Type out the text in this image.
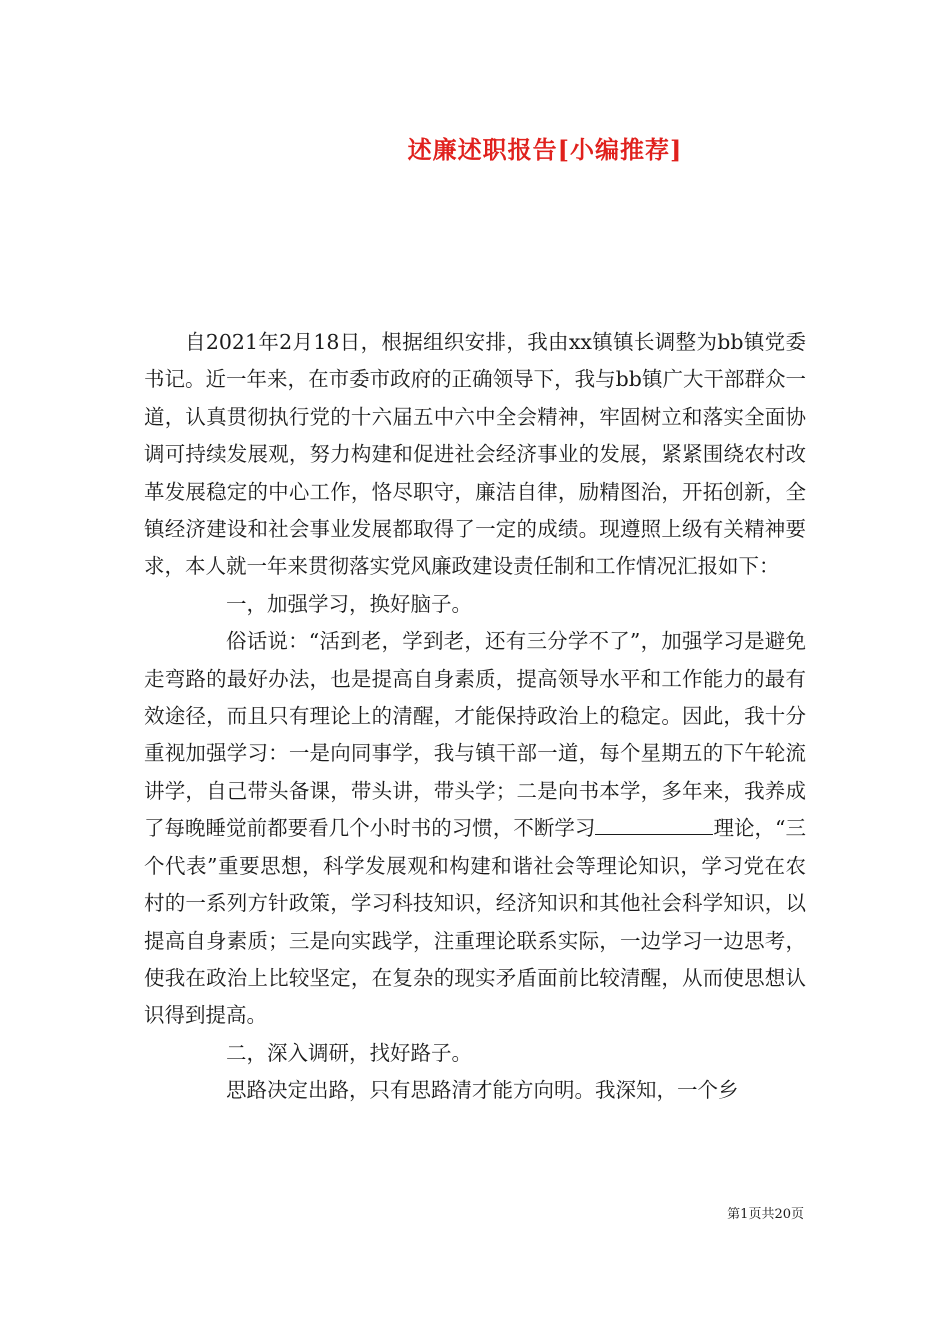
述廉述职报告[小编推荐]

自2021年2月18日，根据组织安排，我由xx镇镇长调整为bb镇党委书记。近一年来，在市委市政府的正确领导下，我与bb镇广大干部群众一道，认真贯彻执行党的十六届五中六中全会精神，牢固树立和落实全面协调可持续发展观，努力构建和促进社会经济事业的发展，紧紧围绕农村改革发展稳定的中心工作，恪尽职守，廉洁自律，励精图治，开拓创新，全镇经济建设和社会事业发展都取得了一定的成绩。现遵照上级有关精神要求，本人就一年来贯彻落实党风廉政建设责任制和工作情况汇报如下：

一，加强学习，换好脑子。

俗话说：“活到老，学到老，还有三分学不了”，加强学习是避免走弯路的最好办法，也是提高自身素质，提高领导水平和工作能力的最有效途径，而且只有理论上的清醒，才能保持政治上的稳定。因此，我十分重视加强学习：一是向同事学，我与镇干部一道，每个星期五的下午轮流讲学，自己带头备课，带头讲，带头学；二是向书本学，多年来，我养成了每晚睡觉前都要看几个小时书的习惯，不断学习	理论，“三个代表”重要思想，科学发展观和构建和谐社会等理论知识，学习党在农村的一系列方针政策，学习科技知识，经济知识和其他社会科学知识，以提高自身素质；三是向实践学，注重理论联系实际，一边学习一边思考，使我在政治上比较坚定，在复杂的现实矛盾面前比较清醒，从而使思想认识得到提高。

二，深入调研，找好路子。

思路决定出路，只有思路清才能方向明。我深知，一个乡

第1页共20页
